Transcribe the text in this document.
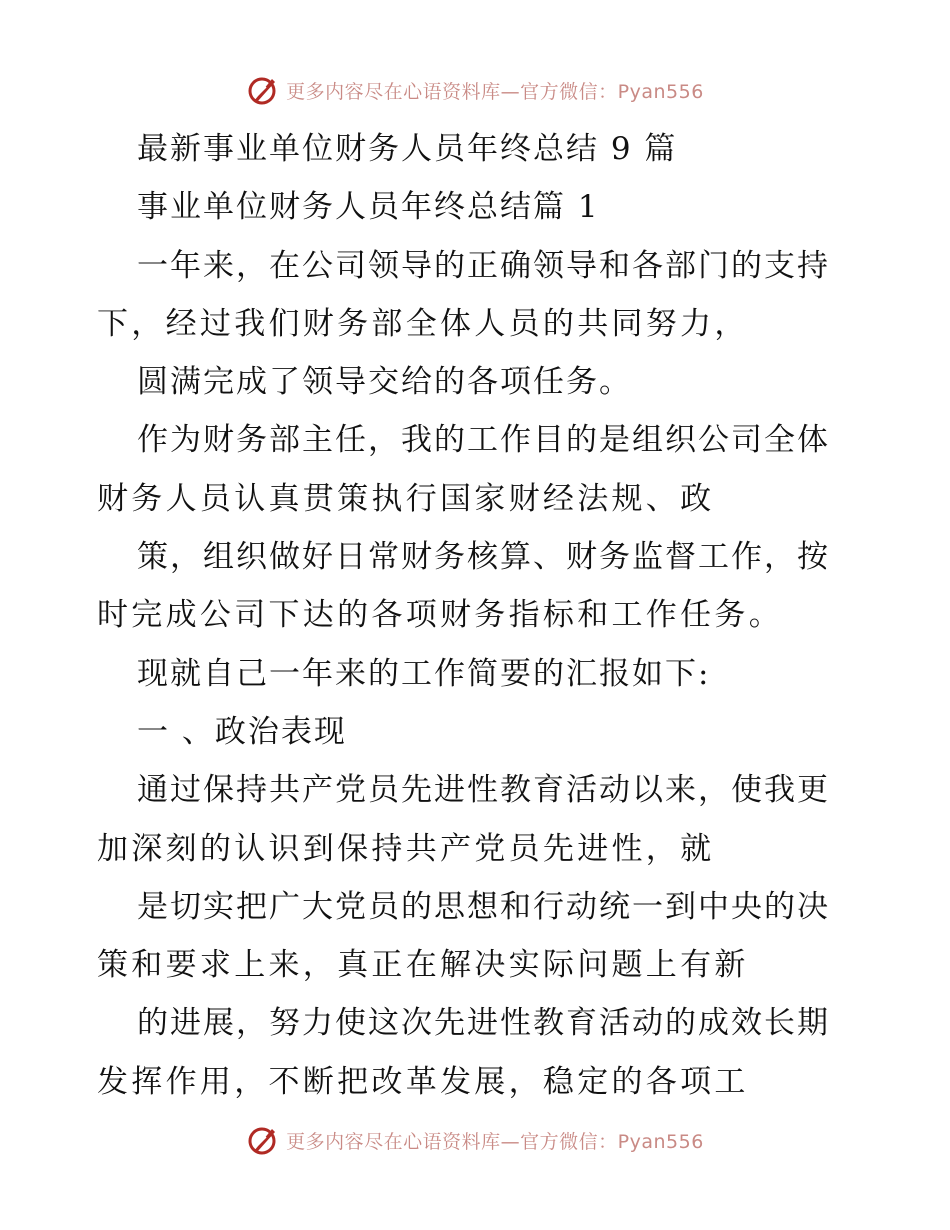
更多内容尽在心语资料库—官方微信：Pyan556
最新事业单位财务人员年终总结 9 篇
事业单位财务人员年终总结篇 1
一年来，在公司领导的正确领导和各部门的支持
下，经过我们财务部全体人员的共同努力，
圆满完成了领导交给的各项任务。
作为财务部主任，我的工作目的是组织公司全体
财务人员认真贯策执行国家财经法规、政
策，组织做好日常财务核算、财务监督工作，按
时完成公司下达的各项财务指标和工作任务。
现就自己一年来的工作简要的汇报如下:
一 、政治表现
通过保持共产党员先进性教育活动以来，使我更
加深刻的认识到保持共产党员先进性，就
是切实把广大党员的思想和行动统一到中央的决
策和要求上来，真正在解决实际问题上有新
的进展，努力使这次先进性教育活动的成效长期
发挥作用，不断把改革发展，稳定的各项工
更多内容尽在心语资料库—官方微信：Pyan556
